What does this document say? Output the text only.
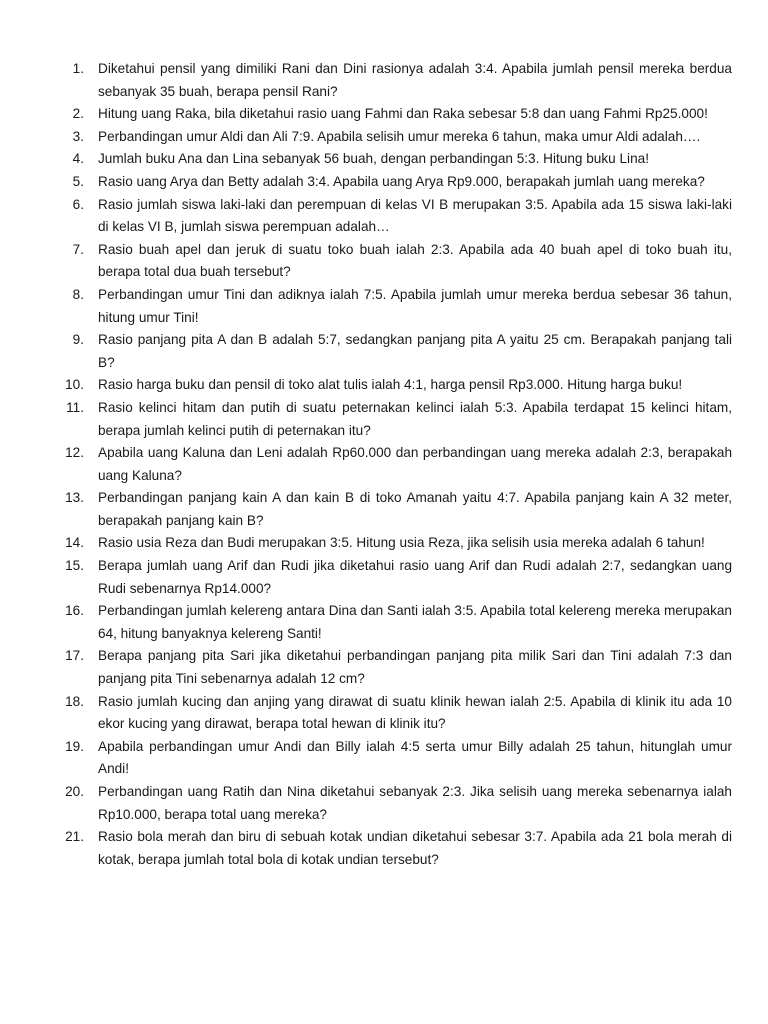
1. Diketahui pensil yang dimiliki Rani dan Dini rasionya adalah 3:4. Apabila jumlah pensil mereka berdua sebanyak 35 buah, berapa pensil Rani?
2. Hitung uang Raka, bila diketahui rasio uang Fahmi dan Raka sebesar 5:8 dan uang Fahmi Rp25.000!
3. Perbandingan umur Aldi dan Ali 7:9. Apabila selisih umur mereka 6 tahun, maka umur Aldi adalah….
4. Jumlah buku Ana dan Lina sebanyak 56 buah, dengan perbandingan 5:3. Hitung buku Lina!
5. Rasio uang Arya dan Betty adalah 3:4. Apabila uang Arya Rp9.000, berapakah jumlah uang mereka?
6. Rasio jumlah siswa laki-laki dan perempuan di kelas VI B merupakan 3:5. Apabila ada 15 siswa laki-laki di kelas VI B, jumlah siswa perempuan adalah…
7. Rasio buah apel dan jeruk di suatu toko buah ialah 2:3. Apabila ada 40 buah apel di toko buah itu, berapa total dua buah tersebut?
8. Perbandingan umur Tini dan adiknya ialah 7:5. Apabila jumlah umur mereka berdua sebesar 36 tahun, hitung umur Tini!
9. Rasio panjang pita A dan B adalah 5:7, sedangkan panjang pita A yaitu 25 cm. Berapakah panjang tali B?
10. Rasio harga buku dan pensil di toko alat tulis ialah 4:1, harga pensil Rp3.000. Hitung harga buku!
11. Rasio kelinci hitam dan putih di suatu peternakan kelinci ialah 5:3. Apabila terdapat 15 kelinci hitam, berapa jumlah kelinci putih di peternakan itu?
12. Apabila uang Kaluna dan Leni adalah Rp60.000 dan perbandingan uang mereka adalah 2:3, berapakah uang Kaluna?
13. Perbandingan panjang kain A dan kain B di toko Amanah yaitu 4:7. Apabila panjang kain A 32 meter, berapakah panjang kain B?
14. Rasio usia Reza dan Budi merupakan 3:5. Hitung usia Reza, jika selisih usia mereka adalah 6 tahun!
15. Berapa jumlah uang Arif dan Rudi jika diketahui rasio uang Arif dan Rudi adalah 2:7, sedangkan uang Rudi sebenarnya Rp14.000?
16. Perbandingan jumlah kelereng antara Dina dan Santi ialah 3:5. Apabila total kelereng mereka merupakan 64, hitung banyaknya kelereng Santi!
17. Berapa panjang pita Sari jika diketahui perbandingan panjang pita milik Sari dan Tini adalah 7:3 dan panjang pita Tini sebenarnya adalah 12 cm?
18. Rasio jumlah kucing dan anjing yang dirawat di suatu klinik hewan ialah 2:5. Apabila di klinik itu ada 10 ekor kucing yang dirawat, berapa total hewan di klinik itu?
19. Apabila perbandingan umur Andi dan Billy ialah 4:5 serta umur Billy adalah 25 tahun, hitunglah umur Andi!
20. Perbandingan uang Ratih dan Nina diketahui sebanyak 2:3. Jika selisih uang mereka sebenarnya ialah Rp10.000, berapa total uang mereka?
21. Rasio bola merah dan biru di sebuah kotak undian diketahui sebesar 3:7. Apabila ada 21 bola merah di kotak, berapa jumlah total bola di kotak undian tersebut?
